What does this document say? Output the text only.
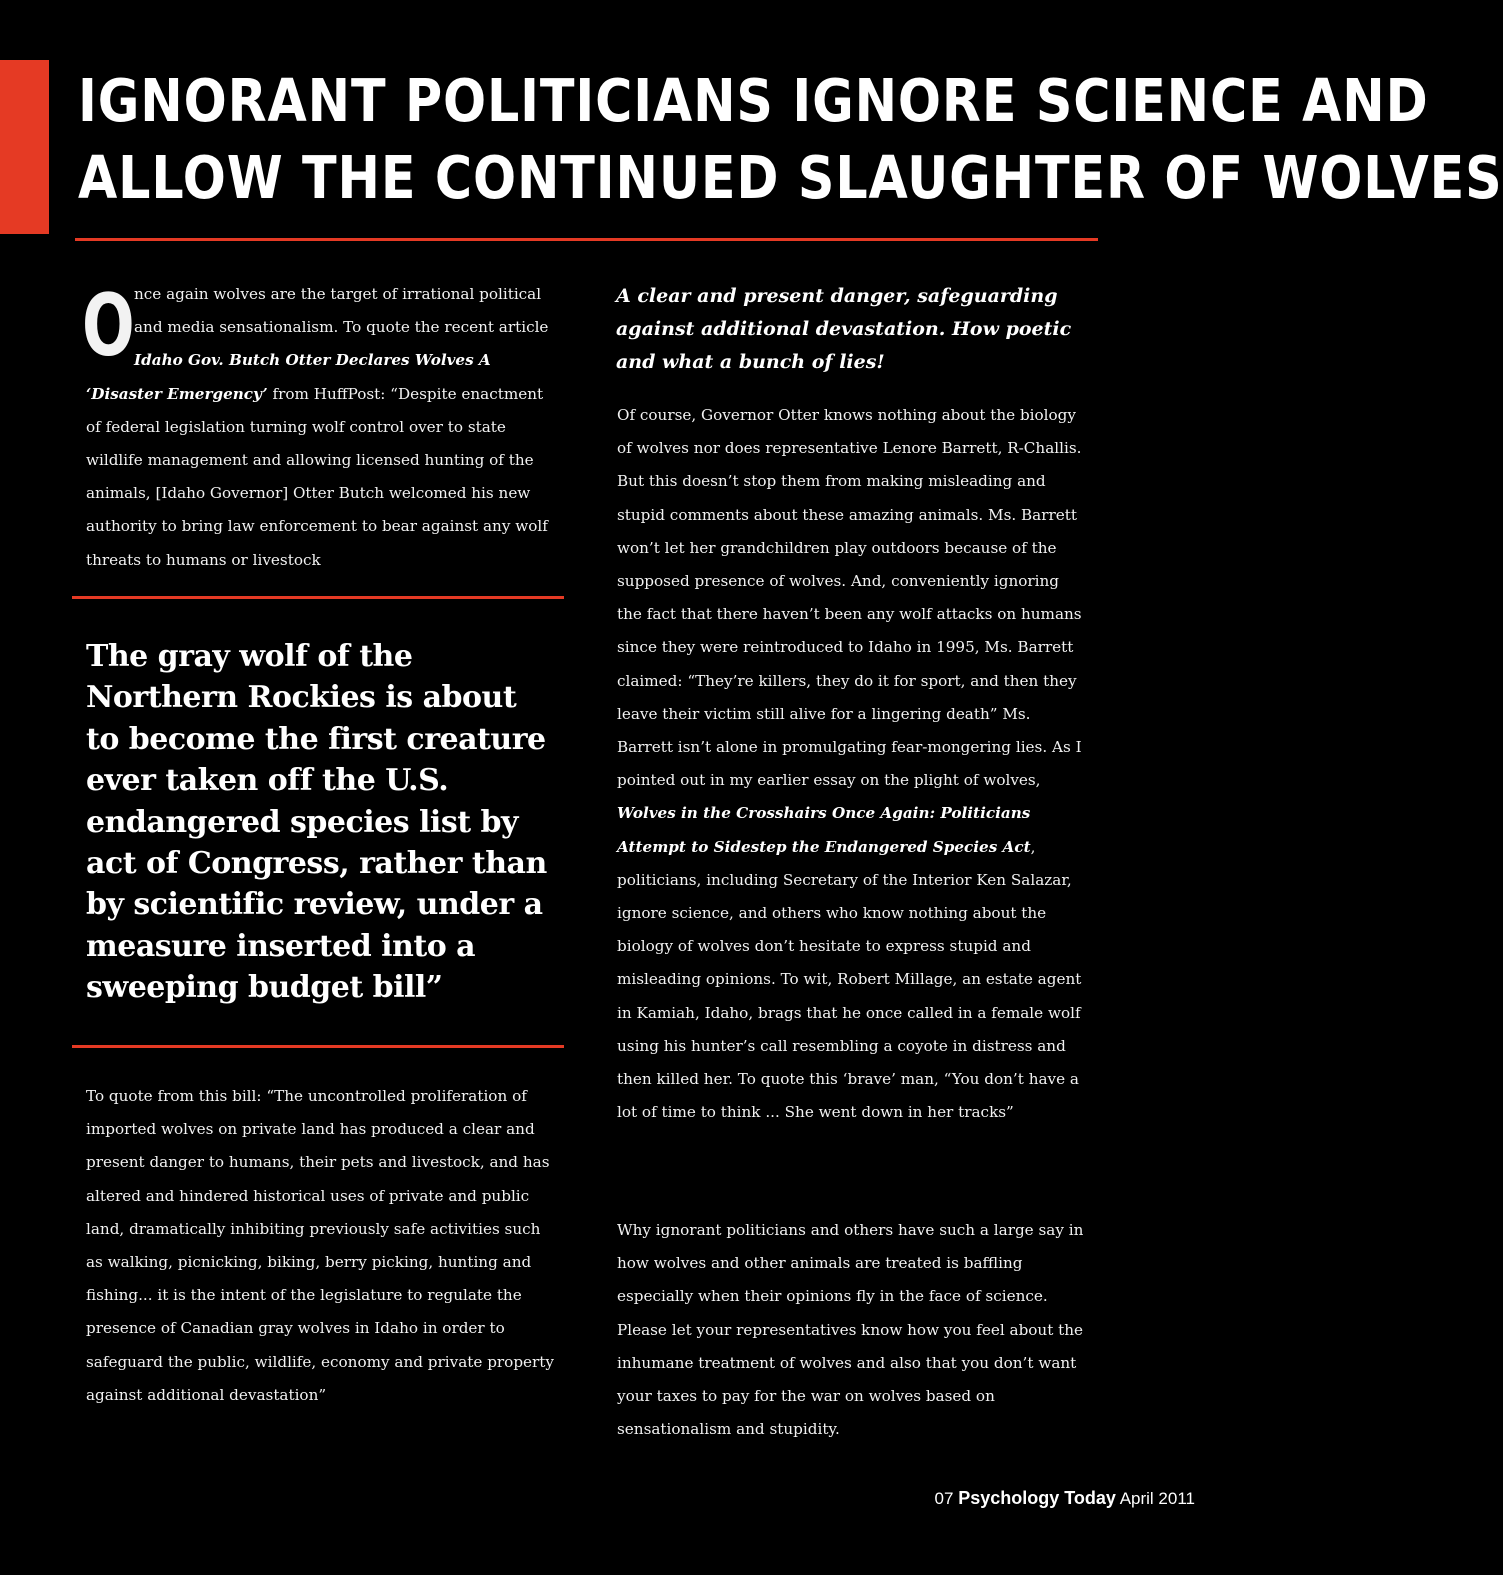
IGNORANT POLITICIANS IGNORE SCIENCE AND
ALLOW THE CONTINUED SLAUGHTER OF WOLVES

Once again wolves are the target of irrational political and media sensationalism. To quote the recent article Idaho Gov. Butch Otter Declares Wolves A ‘Disaster Emergency’ from HuffPost: “Despite enactment of federal legislation turning wolf control over to state wildlife management and allowing licensed hunting of the animals, [Idaho Governor] Otter Butch welcomed his new authority to bring law enforcement to bear against any wolf threats to humans or livestock

The gray wolf of the Northern Rockies is about to become the first creature ever taken off the U.S. endangered species list by act of Congress, rather than by scientific review, under a measure inserted into a sweeping budget bill”

To quote from this bill: “The uncontrolled proliferation of imported wolves on private land has produced a clear and present danger to humans, their pets and livestock, and has altered and hindered historical uses of private and public land, dramatically inhibiting previously safe activities such as walking, picnicking, biking, berry picking, hunting and fishing... it is the intent of the legislature to regulate the presence of Canadian gray wolves in Idaho in order to safeguard the public, wildlife, economy and private property against additional devastation”

A clear and present danger, safeguarding against additional devastation. How poetic and what a bunch of lies!

Of course, Governor Otter knows nothing about the biology of wolves nor does representative Lenore Barrett, R-Challis. But this doesn’t stop them from making misleading and stupid comments about these amazing animals. Ms. Barrett won’t let her grandchildren play outdoors because of the supposed presence of wolves. And, conveniently ignoring the fact that there haven’t been any wolf attacks on humans since they were reintroduced to Idaho in 1995, Ms. Barrett claimed: “They’re killers, they do it for sport, and then they leave their victim still alive for a lingering death” Ms. Barrett isn’t alone in promulgating fear-mongering lies. As I pointed out in my earlier essay on the plight of wolves, Wolves in the Crosshairs Once Again: Politicians Attempt to Sidestep the Endangered Species Act, politicians, including Secretary of the Interior Ken Salazar, ignore science, and others who know nothing about the biology of wolves don’t hesitate to express stupid and misleading opinions. To wit, Robert Millage, an estate agent in Kamiah, Idaho, brags that he once called in a female wolf using his hunter’s call resembling a coyote in distress and then killed her. To quote this ‘brave’ man, “You don’t have a lot of time to think ... She went down in her tracks”

Why ignorant politicians and others have such a large say in how wolves and other animals are treated is baffling especially when their opinions fly in the face of science. Please let your representatives know how you feel about the inhumane treatment of wolves and also that you don’t want your taxes to pay for the war on wolves based on sensationalism and stupidity.

07 Psychology Today April 2011
